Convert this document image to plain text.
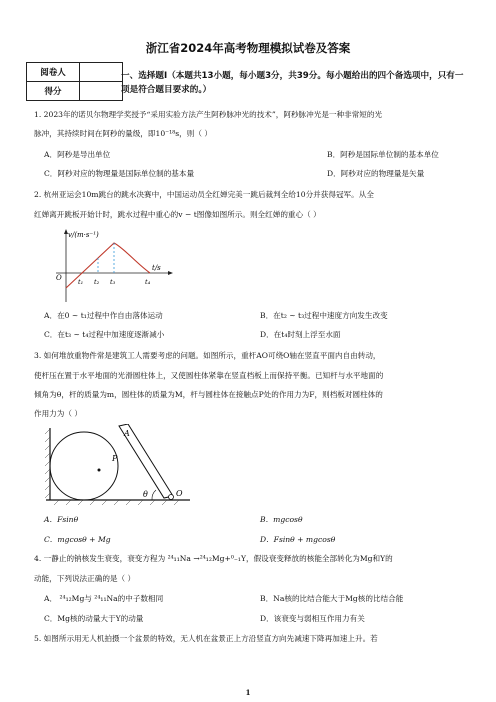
浙江省2024年高考物理模拟试卷及答案
阅卷人	
得分	
一、选择题Ⅰ（本题共13小题，每小题3分，共39分。每小题给出的四个备选项中，只有一项是符合题目要求的。）
1. 2023年的诺贝尔物理学奖授予“采用实验方法产生阿秒脉冲光的技术”，阿秒脉冲光是一种非常短的光
脉冲，其持续时间在阿秒的量级，即10⁻¹⁸s，则（ ）
A．阿秒是导出单位	B．阿秒是国际单位制的基本单位
C．阿秒对应的物理量是国际单位制的基本量	D．阿秒对应的物理量是矢量
2. 杭州亚运会10m跳台的跳水决赛中，中国运动员全红婵完美一跳后裁判全给10分并获得冠军。从全
红婵离开跳板开始计时，跳水过程中重心的v − t图像如图所示。则全红婵的重心（ ）
v/(m·s⁻¹)
t/s
O	t₁ t₂ t₃	t₄
A．在0 ~ t₁过程中作自由落体运动	B．在t₂ ~ t₃过程中速度方向发生改变
C．在t₃ ~ t₄过程中加速度逐渐减小	D．在t₄时刻上浮至水面
3. 如何堆放重物件常是建筑工人需要考虑的问题。如图所示，重杆AO可绕O轴在竖直平面内自由转动，
使杆压在置于水平地面的光滑圆柱体上，又使圆柱体紧靠在竖直档板上而保持平衡。已知杆与水平地面的
倾角为θ，杆的质量为m，圆柱体的质量为M，杆与圆柱体在接触点P处的作用力为F，则档板对圆柱体的
作用力为（ ）
A
P
O
θ
A．Fsinθ	B．mgcosθ
C．mgcosθ + Mg	D．Fsinθ + mgcosθ
4. 一静止的钠核发生衰变，衰变方程为 ²⁴₁₁Na →²⁴₁₂Mg+⁰₋₁Y，假设衰变释放的核能全部转化为Mg和Y的
动能，下列说法正确的是（ ）
A． ²⁴₁₂Mg与 ²⁴₁₁Na的中子数相同	B．Na核的比结合能大于Mg核的比结合能
C．Mg核的动量大于Y的动量	D．该衰变与弱相互作用力有关
5. 如图所示用无人机拍摄一个盆景的特效，无人机在盆景正上方沿竖直方向先减速下降再加速上升。若
1
